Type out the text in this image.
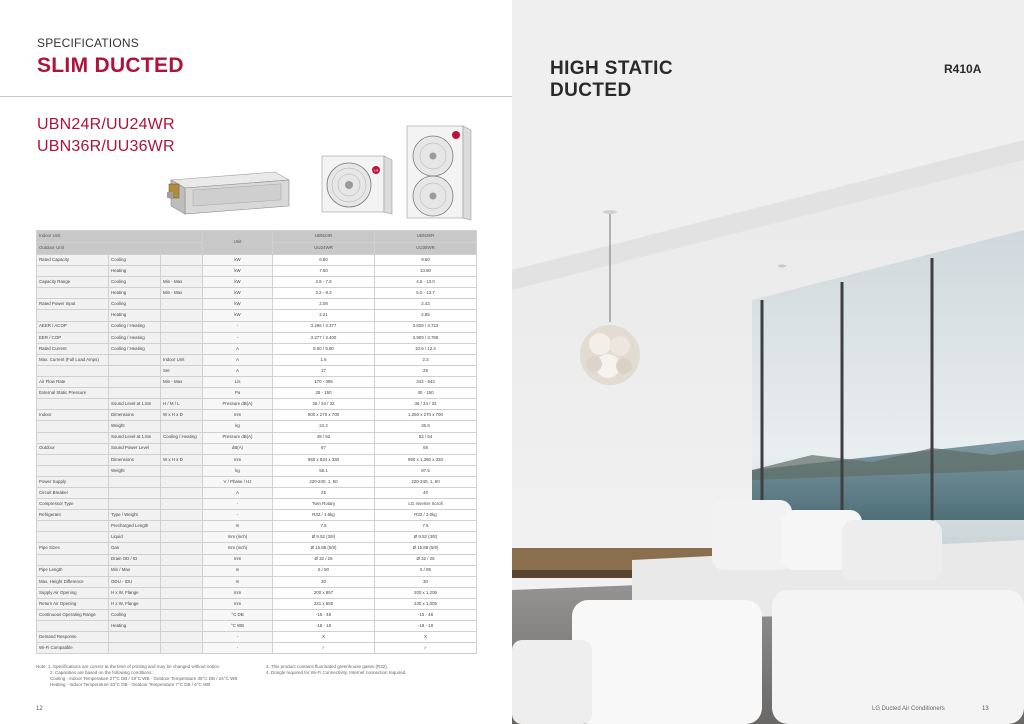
SPECIFICATIONS
SLIM DUCTED
UBN24R/UU24WR
UBN36R/UU36WR
LG
Indoor Unit			Unit	UBN24R	UBN36R
Outdoor Unit				UU24WR	UU36WR
Rated Capacity	Cooling		kW	6.80	9.50
	Heating		kW	7.50	10.80
Capacity Range	Cooling	Min - Max	kW	2.8 - 7.8	4.5 - 13.0
	Heating	Min - Max	kW	3.2 - 8.3	5.0 - 13.7
Rated Power Input	Cooling		kW	2.08	2.43
	Heating		kW	2.21	2.85
AEER / ACOP	Cooling / Heating		-	3.256 / 3.377	3.829 / 3.723
EER / COP	Cooling / Heating		-	3.277 / 3.400	3.909 / 3.789
Rated Current	Cooling / Heating		A	9.00 / 9.80	10.6 / 12.4
Max. Current (Full Load Amps)		Indoor Unit	A	1.6	2.3
		Set	A	17	28
Air Flow Rate		Min - Max	L/s	170 - 396	343 - 643
External Static Pressure			Pa	25 - 150	40 - 150
	Sound Level at 1.5m	H / M / L	Pressure dB(A)	35 / 34 / 32	36 / 34 / 33
Indoor	Dimensions	W x H x D	mm	900 x 270 x 700	1,250 x 270 x 700
	Weight		kg	24.2	36.5
	Sound Level at 1.5m	Cooling / Heating	Pressure dB(A)	48 / 52	52 / 54
Outdoor	Sound Power Level		dB(A)	67	68
	Dimensions	W x H x D	mm	950 x 834 x 330	950 x 1,380 x 330
	Weight		kg	58.1	87.5
Power Supply			V / Phase / Hz	220-240, 1, 50	220-240, 1, 50
Circuit Breaker			A	25	40
Compressor Type			-	Twin Rotary	LG Inverter Scroll
Refrigerant	Type / Weight		-	R32 / 1.6kg	R32 / 3.0kg
	Precharged Length		m	7.5	7.5
	Liquid		mm (inch)	Ø 9.52 (3/8)	Ø 9.52 (3/8)
Pipe Sizes	Gas		mm (inch)	Ø 15.88 (5/8)	Ø 15.88 (5/8)
	Drain OD / ID		mm	Ø 32 / 25	Ø 32 / 25
Pipe Length	Min / Max		m	5 / 50	5 / 85
Max. Height Difference	ODU - IDU		m	30	30
Supply Air Opening	H x W, Flange		mm	200 x 857	200 x 1,206
Return Air Opening	H x W, Flange		mm	231 x 650	230 x 1,005
Continuous Operating Range	Cooling		°C DB	-15 - 48	-15 - 48
	Heating		°C WB	-18 - 18	-18 - 18
Demand Response			-	X	X
Wi-Fi Compatible			-	✓	✓
Note: 1. Specifications are correct at the time of printing and may be changed without notice.
2. Capacities are based on the following conditions:
Cooling - Indoor Temperature 27°C DB / 19°C WB · Outdoor Temperature 35°C DB / 24°C WB
Heating - Indoor Temperature 20°C DB · Outdoor Temperature 7°C DB / 6°C WB
3. This product contains fluorinated greenhouse gases (R32).
4. Dongle required for Wi-Fi Connectivity. Internet connection required.
12
HIGH STATIC
DUCTED
R410A
LG Ducted Air Conditioners	13
